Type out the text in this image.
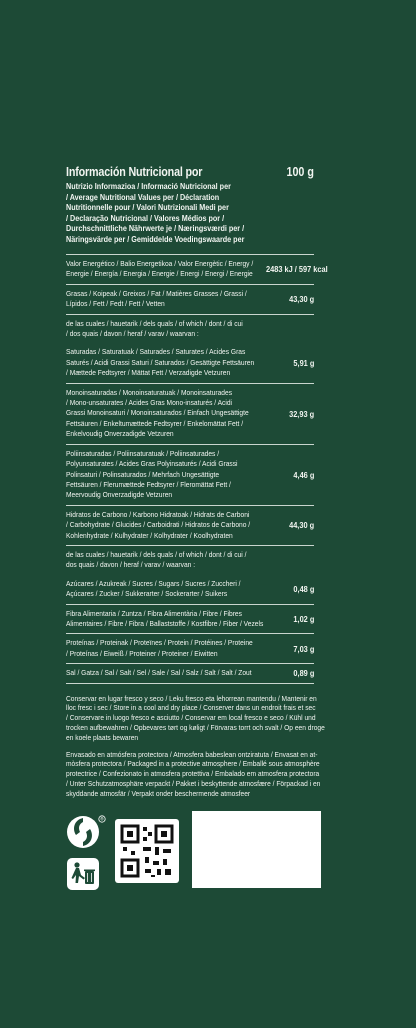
Información Nutricional por	100 g
Nutrizio Informazioa / Informació Nutricional per
/ Average Nutritional Values per / Déclaration
Nutritionnelle pour / Valori Nutrizionali Medi per
/ Declaração Nutricional / Valores Médios por /
Durchschnittliche Nährwerte je / Næringsværdi per /
Näringsvärde per / Gemiddelde Voedingswaarde per
Valor Energético / Balio Energetikoa / Valor Energètic / Energy /
Energie / Energía / Energia / Energie / Energi / Energi / Energie 2483 kJ / 597 kcal
Grasas / Koipeak / Greixos / Fat / Matières Grasses / Grassi /
Lípidos / Fett / Fedt / Fett / Vetten	43,30 g
de las cuales / hauetarik / dels quals / of which / dont / di cui
/ dos quais / davon / heraf / varav / waarvan :
Saturadas / Saturatuak / Saturades / Saturates / Acides Gras
Saturés / Acidi Grassi Saturi / Saturados / Gesättigte Fettsäuren
/ Mættede Fedtsyrer / Mättat Fett / Verzadigde Vetzuren
5,91 g
Monoinsaturadas / Monoinsaturatuak / Monoinsaturades
/ Mono-unsaturates / Acides Gras Mono-insaturés / Acidi
Grassi Monoinsaturi / Monoinsaturados / Einfach Ungesättigte
Fettsäuren / Enkeltumættede Fedtsyrer / Enkelomättat Fett /
Enkelvoudig Onverzadigde Vetzuren
32,93 g
Poliinsaturadas / Poliinsaturatuak / Poliinsaturades /
Polyunsaturates / Acides Gras Polyinsaturés / Acidi Grassi
Polinsaturi / Polinsaturados / Mehrfach Ungesättigte
Fettsäuren / Flerumættede Fedtsyrer / Fleromättat Fett /
Meervoudig Onverzadigde Vetzuren
4,46 g
Hidratos de Carbono / Karbono Hidratoak / Hidrats de Carboni
/ Carbohydrate / Glucides / Carboidrati / Hidratos de Carbono /
Kohlenhydrate / Kulhydrater / Kolhydrater / Koolhydraten
44,30 g
de las cuales / hauetarik / dels quals / of which / dont / di cui /
dos quais / davon / heraf / varav / waarvan :
Azúcares / Azukreak / Sucres / Sugars / Sucres / Zuccheri /
Açúcares / Zucker / Sukkerarter / Sockerarter / Suikers	0,48 g
Fibra Alimentaria / Zuntza / Fibra Alimentària / Fibre / Fibres
Alimentaires / Fibre / Fibra / Ballaststoffe / Kostfibre / Fiber / Vezels	1,02 g
Proteínas / Proteinak / Proteïnes / Protein / Protéines / Proteine
/ Proteínas / Eiweiß / Proteiner / Proteiner / Eiwitten	7,03 g
Sal / Gatza / Sal / Salt / Sel / Sale / Sal / Salz / Salt / Salt / Zout	0,89 g

Conservar en lugar fresco y seco / Leku fresco eta lehorrean mantendu / Mantenir en
lloc fresc i sec / Store in a cool and dry place / Conserver dans un endroit frais et sec
/ Conservare in luogo fresco e asciutto / Conservar em local fresco e seco / Kühl und
trocken aufbewahren / Opbevares tørt og køligt / Förvaras torrt och svalt / Op een droge
en koele plaats bewaren

Envasado en atmósfera protectora / Atmosfera babeslean ontziratuta / Envasat en at-
mòsfera protectora / Packaged in a protective atmosphere / Emballé sous atmosphère
protectrice / Confezionato in atmosfera protettiva / Embalado em atmosfera protectora
/ Unter Schutzatmosphäre verpackt / Pakket i beskyttende atmosfære / Förpackad i en
skyddande atmosfär / Verpakt onder beschermende atmosfeer

®
